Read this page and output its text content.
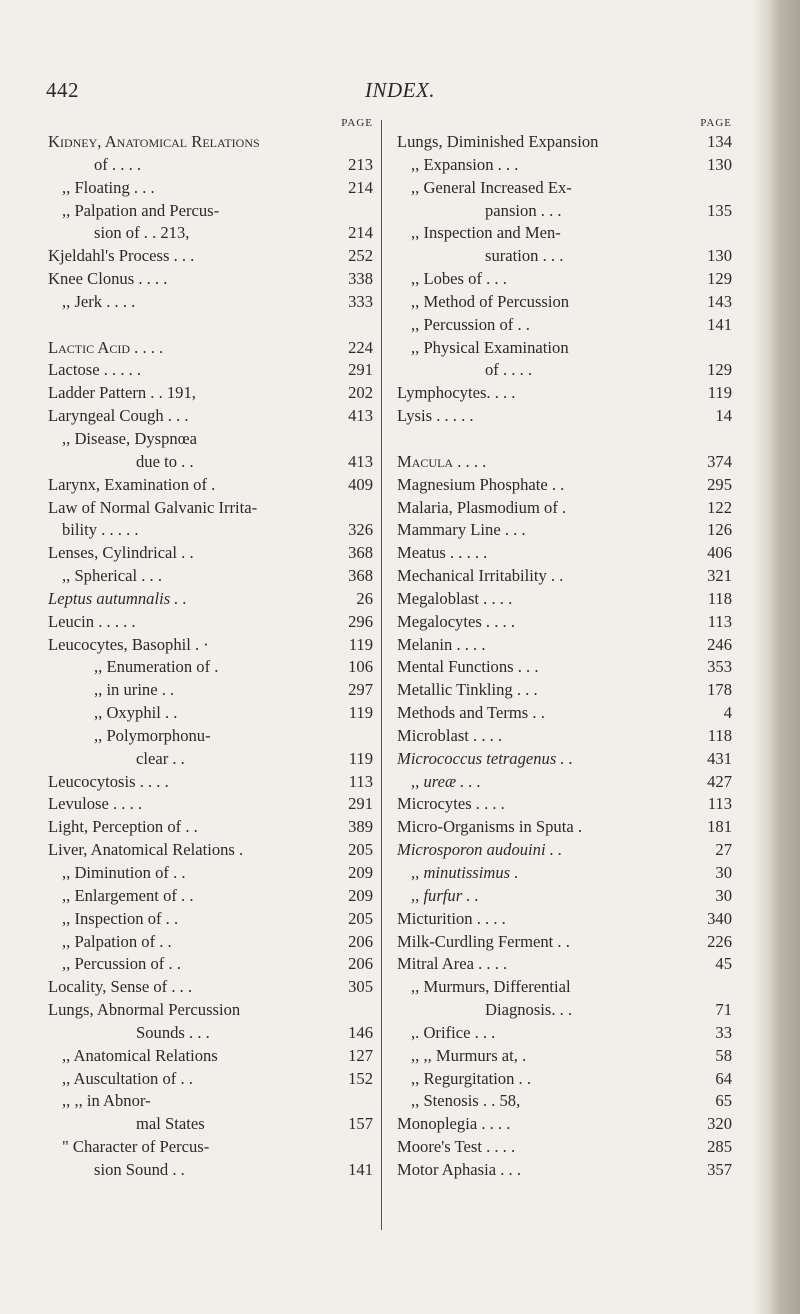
442	INDEX.
PAGE
Kidney, Anatomical Relations
of . . . .	213
,, Floating . . .	214
,, Palpation and Percus-
sion of . . 213,	214
Kjeldahl's Process . . .	252
Knee Clonus . . . .	338
,, Jerk . . . .	333
Lactic Acid . . . .	224
Lactose . . . . .	291
Ladder Pattern . . 191,	202
Laryngeal Cough . . .	413
,, Disease, Dyspnœa
due to . .	413
Larynx, Examination of .	409
Law of Normal Galvanic Irrita-
bility . . . . .	326
Lenses, Cylindrical . .	368
,, Spherical . . .	368
Leptus autumnalis . .	26
Leucin . . . . .	296
Leucocytes, Basophil . ·	119
,, Enumeration of .	106
,, in urine . .	297
,, Oxyphil . .	119
,, Polymorphonu-
clear . .	119
Leucocytosis . . . .	113
Levulose . . . .	291
Light, Perception of . .	389
Liver, Anatomical Relations .	205
,, Diminution of . .	209
,, Enlargement of . .	209
,, Inspection of . .	205
,, Palpation of . .	206
,, Percussion of . .	206
Locality, Sense of . . .	305
Lungs, Abnormal Percussion
Sounds . . .	146
,, Anatomical Relations	127
,, Auscultation of . .	152
,, ,, in Abnor-
mal States	157
" Character of Percus-
sion Sound . .	141
PAGE
Lungs, Diminished Expansion	134
,, Expansion . . .	130
,, General Increased Ex-
pansion . . .	135
,, Inspection and Men-
suration . . .	130
,, Lobes of . . .	129
,, Method of Percussion	143
,, Percussion of . .	141
,, Physical Examination
of . . . .	129
Lymphocytes. . . .	119
Lysis . . . . .	14
Macula . . . .	374
Magnesium Phosphate . .	295
Malaria, Plasmodium of .	122
Mammary Line . . .	126
Meatus . . . . .	406
Mechanical Irritability . .	321
Megaloblast . . . .	118
Megalocytes . . . .	113
Melanin . . . .	246
Mental Functions . . .	353
Metallic Tinkling . . .	178
Methods and Terms . .	4
Microblast . . . .	118
Micrococcus tetragenus . .	431
,, ureæ . . .	427
Microcytes . . . .	113
Micro-Organisms in Sputa .	181
Microsporon audouini . .	27
,, minutissimus .	30
,, furfur . .	30
Micturition . . . .	340
Milk-Curdling Ferment . .	226
Mitral Area . . . .	45
,, Murmurs, Differential
Diagnosis. . .	71
,. Orifice . . .	33
,, ,, Murmurs at, .	58
,, Regurgitation . .	64
,, Stenosis . . 58,	65
Monoplegia . . . .	320
Moore's Test . . . .	285
Motor Aphasia . . .	357
